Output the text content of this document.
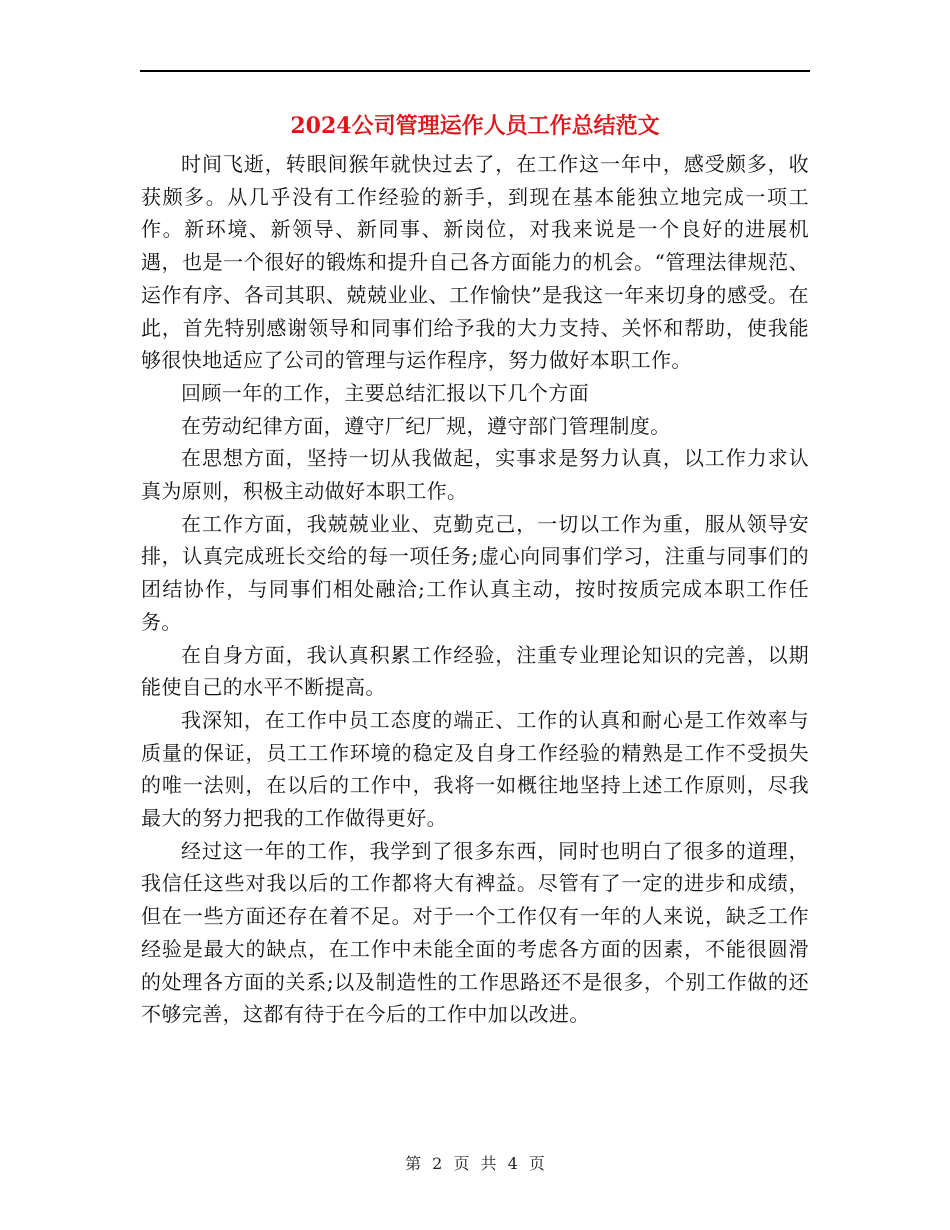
2024公司管理运作人员工作总结范文

时间飞逝，转眼间猴年就快过去了，在工作这一年中，感受颇多，收获颇多。从几乎没有工作经验的新手，到现在基本能独立地完成一项工作。新环境、新领导、新同事、新岗位，对我来说是一个良好的进展机遇，也是一个很好的锻炼和提升自己各方面能力的机会。“管理法律规范、运作有序、各司其职、兢兢业业、工作愉快”是我这一年来切身的感受。在此，首先特别感谢领导和同事们给予我的大力支持、关怀和帮助，使我能够很快地适应了公司的管理与运作程序，努力做好本职工作。

回顾一年的工作，主要总结汇报以下几个方面

在劳动纪律方面，遵守厂纪厂规，遵守部门管理制度。

在思想方面，坚持一切从我做起，实事求是努力认真，以工作力求认真为原则，积极主动做好本职工作。

在工作方面，我兢兢业业、克勤克己，一切以工作为重，服从领导安排，认真完成班长交给的每一项任务;虚心向同事们学习，注重与同事们的团结协作，与同事们相处融洽;工作认真主动，按时按质完成本职工作任务。

在自身方面，我认真积累工作经验，注重专业理论知识的完善，以期能使自己的水平不断提高。

我深知，在工作中员工态度的端正、工作的认真和耐心是工作效率与质量的保证，员工工作环境的稳定及自身工作经验的精熟是工作不受损失的唯一法则，在以后的工作中，我将一如概往地坚持上述工作原则，尽我最大的努力把我的工作做得更好。

经过这一年的工作，我学到了很多东西，同时也明白了很多的道理，我信任这些对我以后的工作都将大有裨益。尽管有了一定的进步和成绩，但在一些方面还存在着不足。对于一个工作仅有一年的人来说，缺乏工作经验是最大的缺点，在工作中未能全面的考虑各方面的因素，不能很圆滑的处理各方面的关系;以及制造性的工作思路还不是很多，个别工作做的还不够完善，这都有待于在今后的工作中加以改进。

第 2 页 共 4 页
